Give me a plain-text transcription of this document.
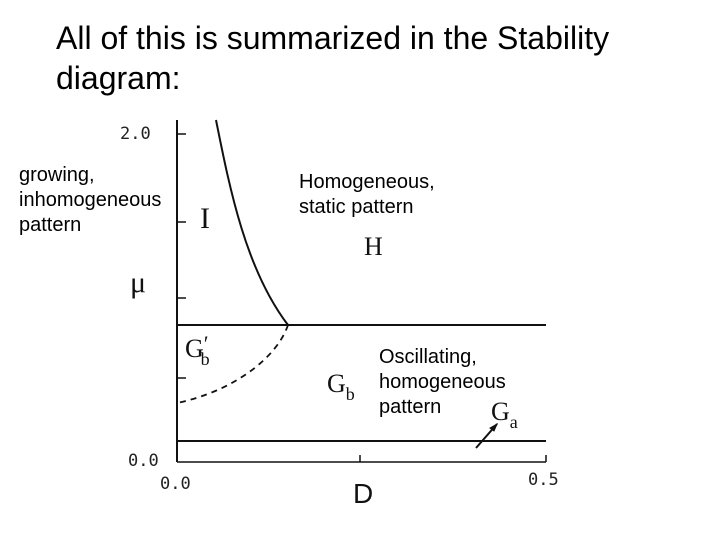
All of this is summarized in the Stability
diagram:
2.0
0.0
0.0	0.5
μ
D
I
H
G′ b
$G_b$
$G_a$
growing,
inhomogeneous
pattern
Homogeneous,
static pattern
Oscillating,
homogeneous
pattern
